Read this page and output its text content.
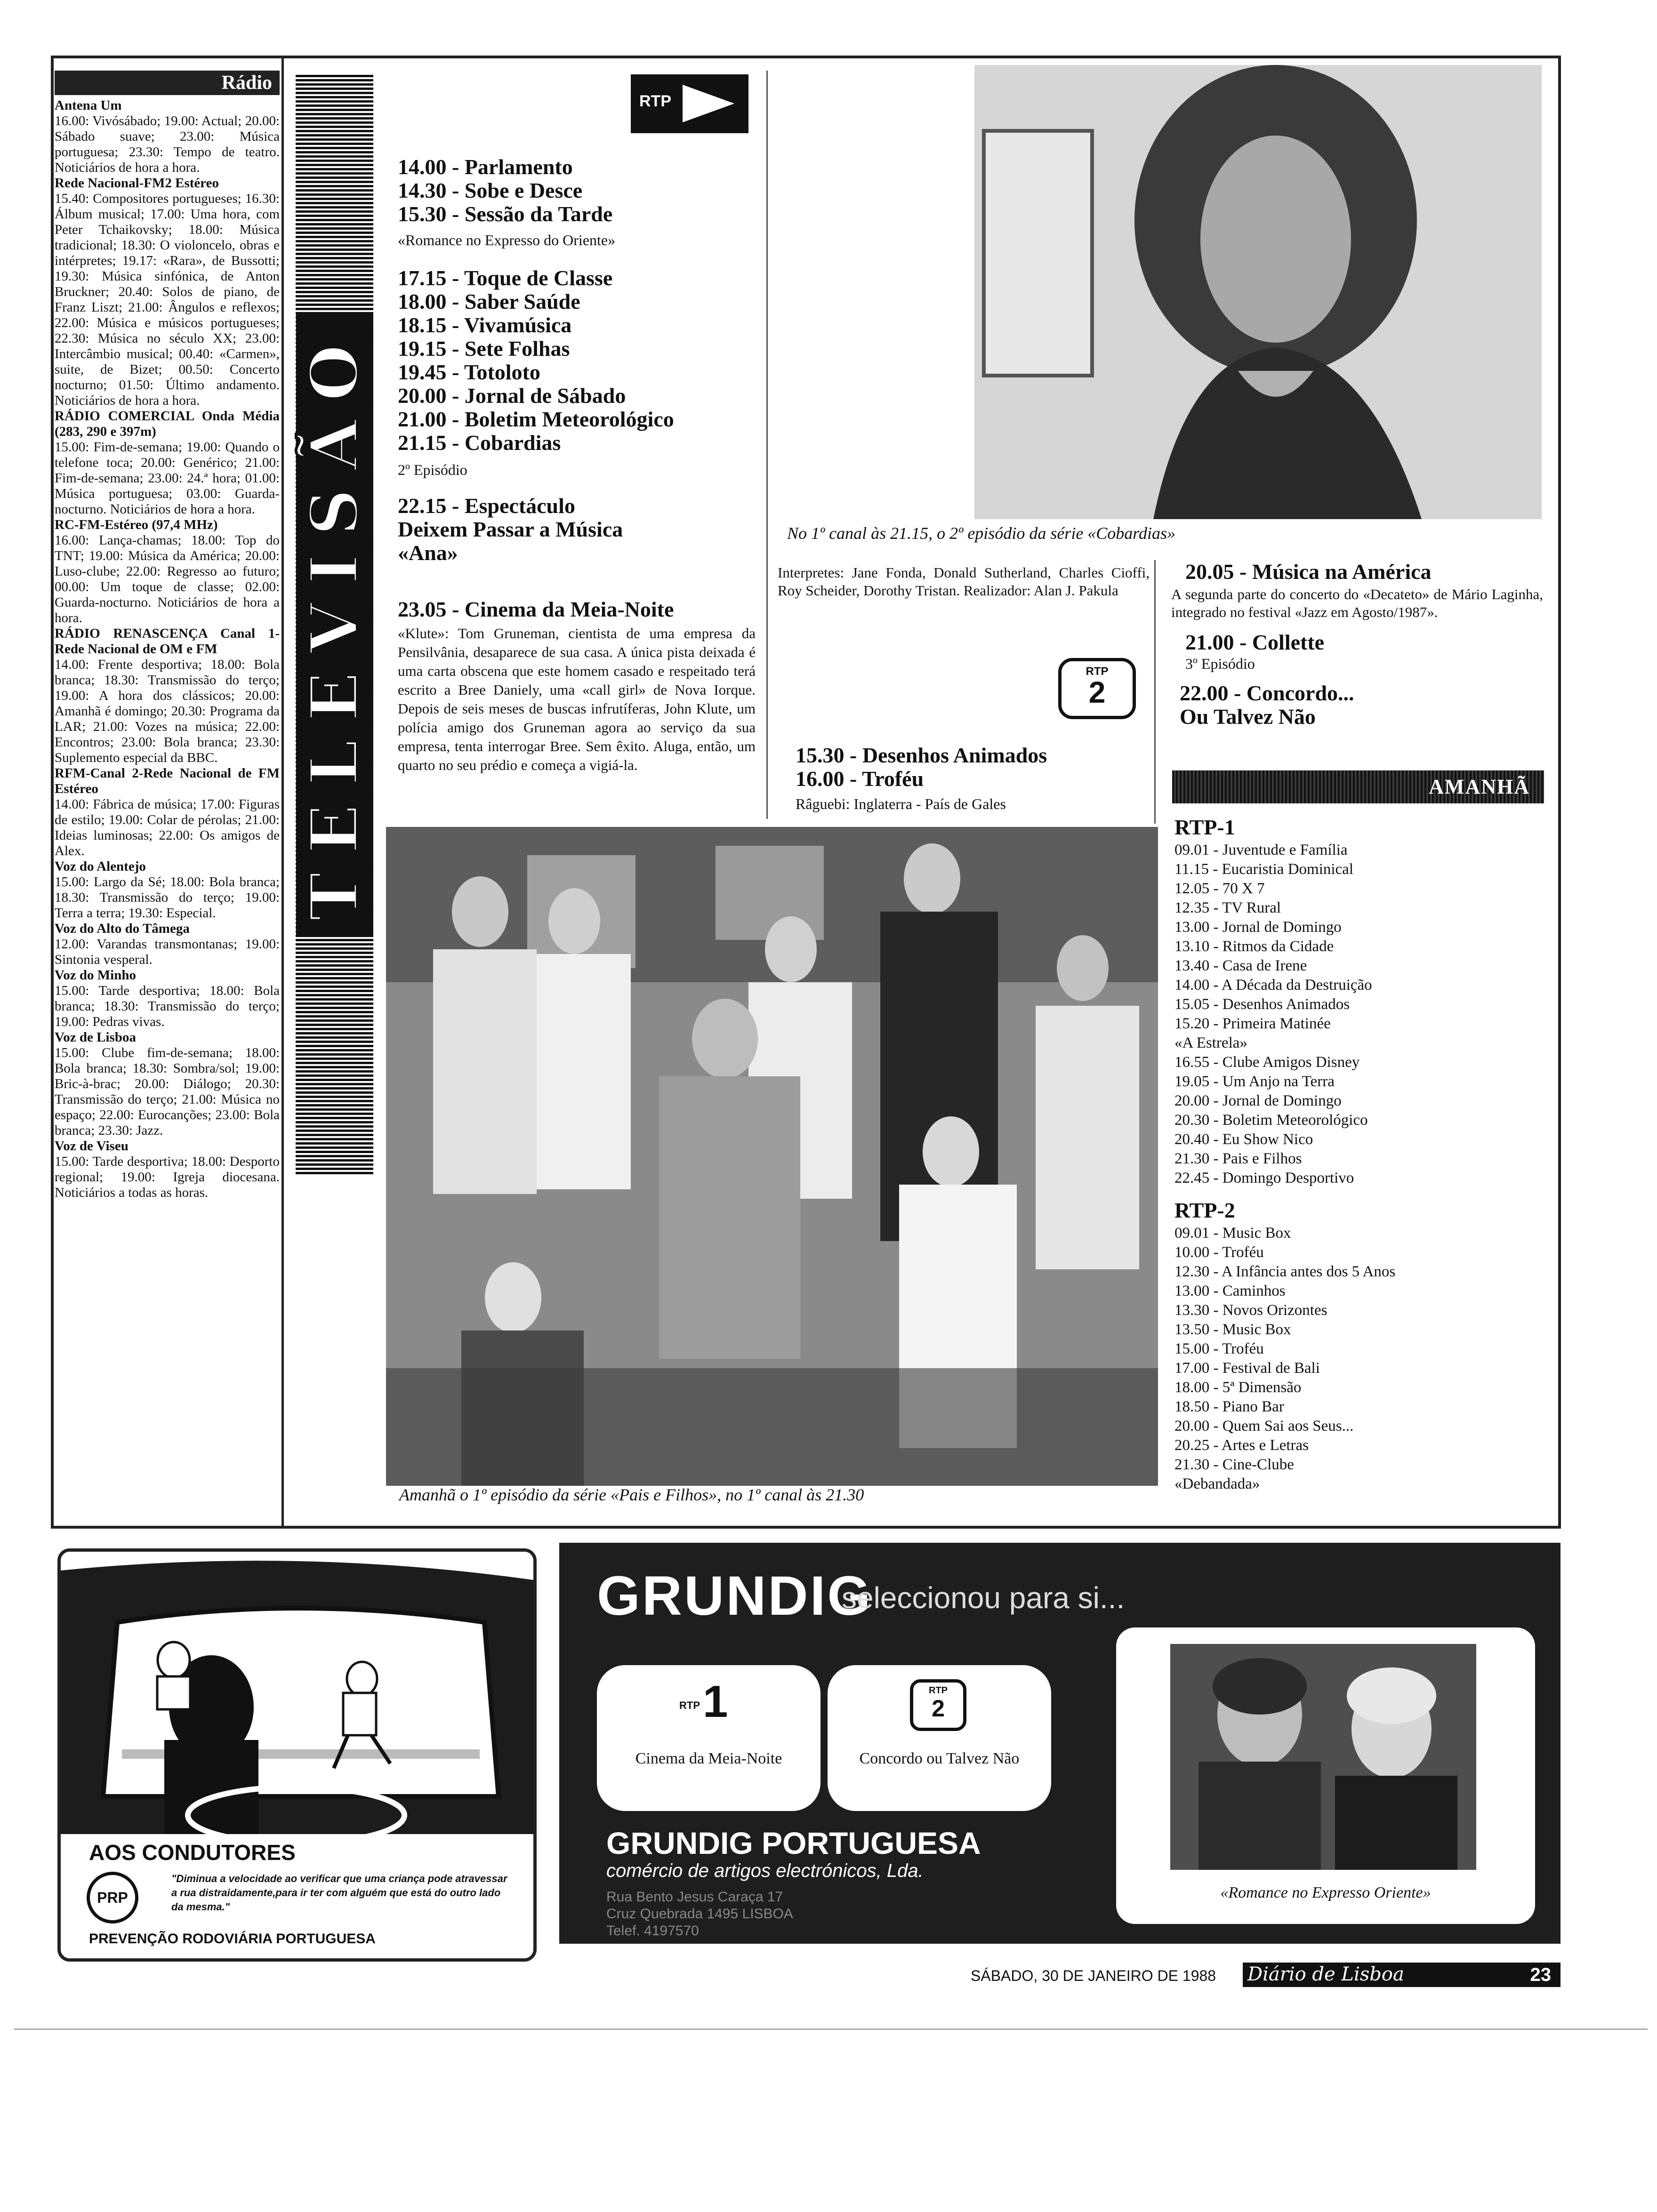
Rádio
Antena Um

16.00: Vivósábado; 19.00: Actual; 20.00: Sábado suave; 23.00: Música portuguesa; 23.30: Tempo de teatro. Noticiários de hora a hora.

Rede Nacional-FM2 Estéreo

15.40: Compositores portugueses; 16.30: Álbum musical; 17.00: Uma hora, com Peter Tchaikovsky; 18.00: Música tradicional; 18.30: O violoncelo, obras e intérpretes; 19.17: «Rara», de Bussotti; 19.30: Música sinfónica, de Anton Bruckner; 20.40: Solos de piano, de Franz Liszt; 21.00: Ângulos e reflexos; 22.00: Música e músicos portugueses; 22.30: Música no século XX; 23.00: Intercâmbio musical; 00.40: «Carmen», suite, de Bizet; 00.50: Concerto nocturno; 01.50: Último andamento. Noticiários de hora a hora.

RÁDIO COMERCIAL Onda Média (283, 290 e 397m)

15.00: Fim-de-semana; 19.00: Quando o telefone toca; 20.00: Genérico; 21.00: Fim-de-semana; 23.00: 24.ª hora; 01.00: Música portuguesa; 03.00: Guarda-nocturno. Noticiários de hora a hora.

RC-FM-Estéreo (97,4 MHz)

16.00: Lança-chamas; 18.00: Top do TNT; 19.00: Música da América; 20.00: Luso-clube; 22.00: Regresso ao futuro; 00.00: Um toque de classe; 02.00: Guarda-nocturno. Noticiários de hora a hora.

RÁDIO RENASCENÇA Canal 1-Rede Nacional de OM e FM

14.00: Frente desportiva; 18.00: Bola branca; 18.30: Transmissão do terço; 19.00: A hora dos clássicos; 20.00: Amanhã é domingo; 20.30: Programa da LAR; 21.00: Vozes na música; 22.00: Encontros; 23.00: Bola branca; 23.30: Suplemento especial da BBC.

RFM-Canal 2-Rede Nacional de FM Estéreo

14.00: Fábrica de música; 17.00: Figuras de estilo; 19.00: Colar de pérolas; 21.00: Ideias luminosas; 22.00: Os amigos de Alex.

Voz do Alentejo

15.00: Largo da Sé; 18.00: Bola branca; 18.30: Transmissão do terço; 19.00: Terra a terra; 19.30: Especial.

Voz do Alto do Tâmega

12.00: Varandas transmontanas; 19.00: Sintonia vesperal.

Voz do Minho

15.00: Tarde desportiva; 18.00: Bola branca; 18.30: Transmissão do terço; 19.00: Pedras vivas.

Voz de Lisboa

15.00: Clube fim-de-semana; 18.00: Bola branca; 18.30: Sombra/sol; 19.00: Bric-à-brac; 20.00: Diálogo; 20.30: Transmissão do terço; 21.00: Música no espaço; 22.00: Eurocanções; 23.00: Bola branca; 23.30: Jazz.

Voz de Viseu

15.00: Tarde desportiva; 18.00: Desporto regional; 19.00: Igreja diocesana. Noticiários a todas as horas.

TELEVISÃO
RTP
14.00 - Parlamento
14.30 - Sobe e Desce
15.30 - Sessão da Tarde
«Romance no Expresso do Oriente»
17.15 - Toque de Classe
18.00 - Saber Saúde
18.15 - Vivamúsica
19.15 - Sete Folhas
19.45 - Totoloto
20.00 - Jornal de Sábado
21.00 - Boletim Meteorológico
21.15 - Cobardias
2º Episódio
22.15 - Espectáculo
Deixem Passar a Música
«Ana»
23.05 - Cinema da Meia-Noite
«Klute»: Tom Gruneman, cientista de uma empresa da Pensilvânia, desaparece de sua casa. A única pista deixada é uma carta obscena que este homem casado e respeitado terá escrito a Bree Daniely, uma «call girl» de Nova Iorque. Depois de seis meses de buscas infrutíferas, John Klute, um polícia amigo dos Gruneman agora ao serviço da sua empresa, tenta interrogar Bree. Sem êxito. Aluga, então, um quarto no seu prédio e começa a vigiá-la.
No 1º canal às 21.15, o 2º episódio da série «Cobardias»
Interpretes: Jane Fonda, Donald Sutherland, Charles Cioffi, Roy Scheider, Dorothy Tristan. Realizador: Alan J. Pakula
RTP
2
15.30 - Desenhos Animados
16.00 - Troféu
Râguebi: Inglaterra - País de Gales
20.05 - Música na América
A segunda parte do concerto do «Decateto» de Mário Laginha, integrado no festival «Jazz em Agosto/1987».
21.00 - Collette
3º Episódio
22.00 - Concordo...
Ou Talvez Não
Amanhã o 1º episódio da série «Pais e Filhos», no 1º canal às 21.30
AMANHÃ
RTP-1
09.01 - Juventude e Família
11.15 - Eucaristia Dominical
12.05 - 70 X 7
12.35 - TV Rural
13.00 - Jornal de Domingo
13.10 - Ritmos da Cidade
13.40 - Casa de Irene
14.00 - A Década da Destruição
15.05 - Desenhos Animados
15.20 - Primeira Matinée
«A Estrela»
16.55 - Clube Amigos Disney
19.05 - Um Anjo na Terra
20.00 - Jornal de Domingo
20.30 - Boletim Meteorológico
20.40 - Eu Show Nico
21.30 - Pais e Filhos
22.45 - Domingo Desportivo
RTP-2
09.01 - Music Box
10.00 - Troféu
12.30 - A Infância antes dos 5 Anos
13.00 - Caminhos
13.30 - Novos Orizontes
13.50 - Music Box
15.00 - Troféu
17.00 - Festival de Bali
18.00 - 5ª Dimensão
18.50 - Piano Bar
20.00 - Quem Sai aos Seus...
20.25 - Artes e Letras
21.30 - Cine-Clube
«Debandada»
AOS CONDUTORES
PRP
"Diminua a velocidade ao verificar que uma criança pode atravessar a rua distraidamente,para ir ter com alguém que está do outro lado da mesma."
PREVENÇÃO RODOVIÁRIA PORTUGUESA
GRUNDIG
seleccionou para si...
RTP 1
Cinema da Meia-Noite
RTP
2
Concordo ou Talvez Não
GRUNDIG PORTUGUESA
comércio de artigos electrónicos, Lda.
Rua Bento Jesus Caraça 17
Cruz Quebrada 1495 LISBOA
Telef. 4197570
«Romance no Expresso Oriente»
SÁBADO, 30 DE JANEIRO DE 1988 Diário de Lisboa	23
